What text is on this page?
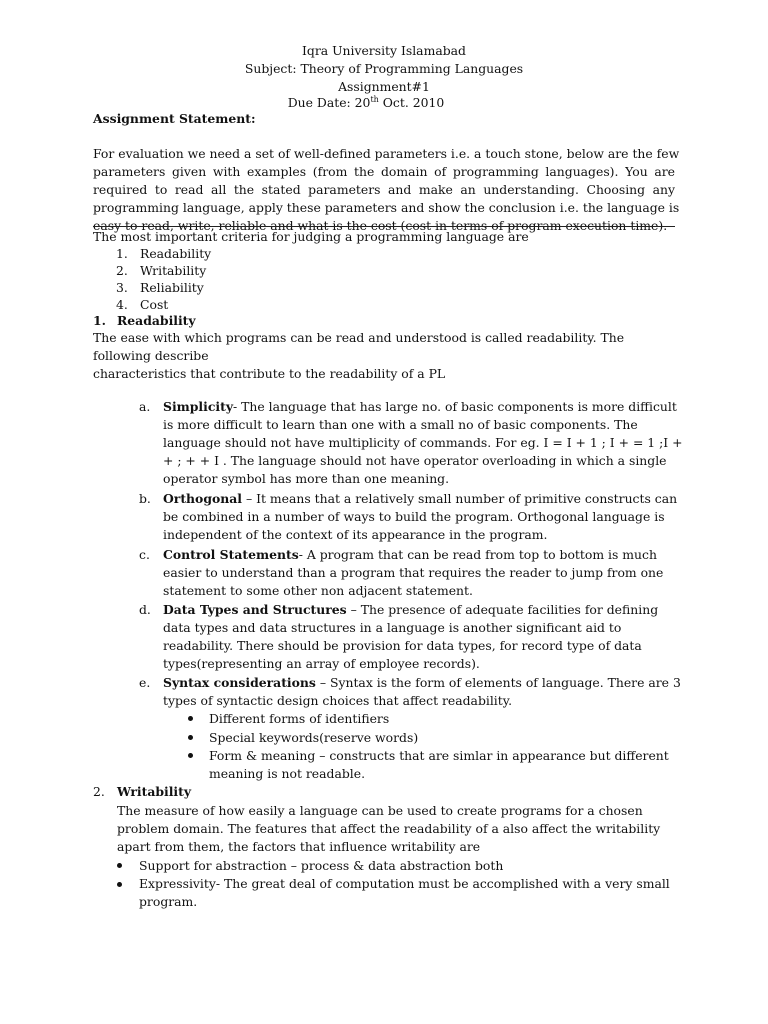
Iqra University Islamabad
Subject: Theory of Programming Languages
Assignment#1
Due Date: 20th Oct. 2010
Assignment Statement:
For evaluation we need a set of well-defined parameters i.e. a touch stone, below are the few
parameters given with examples (from the domain of programming languages). You are
required to read all the stated parameters and make an understanding. Choosing any
programming language, apply these parameters and show the conclusion i.e. the language is
easy to read, write, reliable and what is the cost (cost in terms of program execution time).
The most important criteria for judging a programming language are
1. Readability
2. Writability
3. Reliability
4. Cost
1. Readability
The ease with which programs can be read and understood is called readability. The
following describe
characteristics that contribute to the readability of a PL
a. Simplicity- The language that has large no. of basic components is more difficult
is more difficult to learn than one with a small no of basic components. The
language should not have multiplicity of commands. For eg. I = I + 1 ; I + = 1 ;I +
+ ; + + I . The language should not have operator overloading in which a single
operator symbol has more than one meaning.
b. Orthogonal – It means that a relatively small number of primitive constructs can
be combined in a number of ways to build the program. Orthogonal language is
independent of the context of its appearance in the program.
c. Control Statements- A program that can be read from top to bottom is much
easier to understand than a program that requires the reader to jump from one
statement to some other non adjacent statement.
d. Data Types and Structures – The presence of adequate facilities for defining
data types and data structures in a language is another significant aid to
readability. There should be provision for data types, for record type of data
types(representing an array of employee records).
e. Syntax considerations – Syntax is the form of elements of language. There are 3
types of syntactic design choices that affect readability.
Different forms of identifiers
Special keywords(reserve words)
Form & meaning – constructs that are simlar in appearance but different
meaning is not readable.
2. Writability
The measure of how easily a language can be used to create programs for a chosen
problem domain. The features that affect the readability of a also affect the writability
apart from them, the factors that influence writability are
Support for abstraction – process & data abstraction both
Expressivity- The great deal of computation must be accomplished with a very small
program.
